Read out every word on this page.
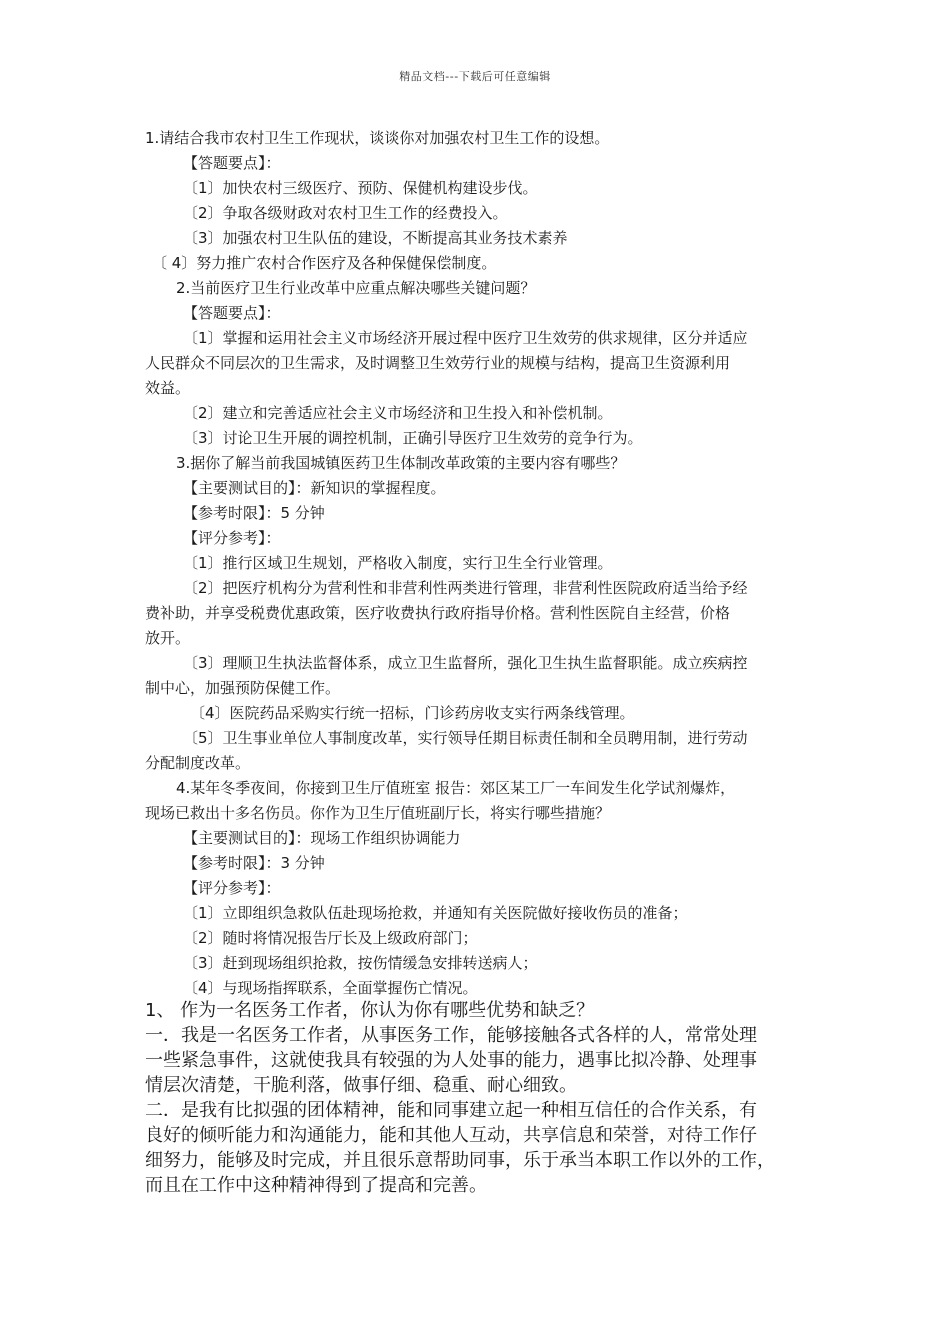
精品文档---下载后可任意编辑
1.请结合我市农村卫生工作现状，谈谈你对加强农村卫生工作的设想。
【答题要点】：
〔1〕加快农村三级医疗、预防、保健机构建设步伐。
〔2〕争取各级财政对农村卫生工作的经费投入。
〔3〕加强农村卫生队伍的建设，不断提高其业务技术素养
〔 4〕努力推广农村合作医疗及各种保健保偿制度。
2.当前医疗卫生行业改革中应重点解决哪些关键问题？
【答题要点】：
〔1〕掌握和运用社会主义市场经济开展过程中医疗卫生效劳的供求规律，区分并适应
人民群众不同层次的卫生需求，及时调整卫生效劳行业的规模与结构，提高卫生资源利用
效益。
〔2〕建立和完善适应社会主义市场经济和卫生投入和补偿机制。
〔3〕讨论卫生开展的调控机制，正确引导医疗卫生效劳的竞争行为。
3.据你了解当前我国城镇医药卫生体制改革政策的主要内容有哪些？
【主要测试目的】：新知识的掌握程度。
【参考时限】：5 分钟
【评分参考】：
〔1〕推行区域卫生规划，严格收入制度，实行卫生全行业管理。
〔2〕把医疗机构分为营利性和非营利性两类进行管理，非营利性医院政府适当给予经
费补助，并享受税费优惠政策，医疗收费执行政府指导价格。营利性医院自主经营，价格
放开。
〔3〕理顺卫生执法监督体系，成立卫生监督所，强化卫生执生监督职能。成立疾病控
制中心，加强预防保健工作。
〔4〕医院药品采购实行统一招标，门诊药房收支实行两条线管理。
〔5〕卫生事业单位人事制度改革，实行领导任期目标责任制和全员聘用制，进行劳动
分配制度改革。
4.某年冬季夜间，你接到卫生厅值班室 报告：郊区某工厂一车间发生化学试剂爆炸，
现场已救出十多名伤员。你作为卫生厅值班副厅长，将实行哪些措施？
【主要测试目的】：现场工作组织协调能力
【参考时限】：3 分钟
【评分参考】：
〔1〕立即组织急救队伍赴现场抢救，并通知有关医院做好接收伤员的准备；
〔2〕随时将情况报告厅长及上级政府部门；
〔3〕赶到现场组织抢救，按伤情缓急安排转送病人；
〔4〕与现场指挥联系，全面掌握伤亡情况。
1、 作为一名医务工作者，你认为你有哪些优势和缺乏？
一．我是一名医务工作者，从事医务工作，能够接触各式各样的人，常常处理
一些紧急事件，这就使我具有较强的为人处事的能力，遇事比拟冷静、处理事
情层次清楚，干脆利落，做事仔细、稳重、耐心细致。
二．是我有比拟强的团体精神，能和同事建立起一种相互信任的合作关系，有
良好的倾听能力和沟通能力，能和其他人互动，共享信息和荣誉，对待工作仔
细努力，能够及时完成，并且很乐意帮助同事，乐于承当本职工作以外的工作，
而且在工作中这种精神得到了提高和完善。
